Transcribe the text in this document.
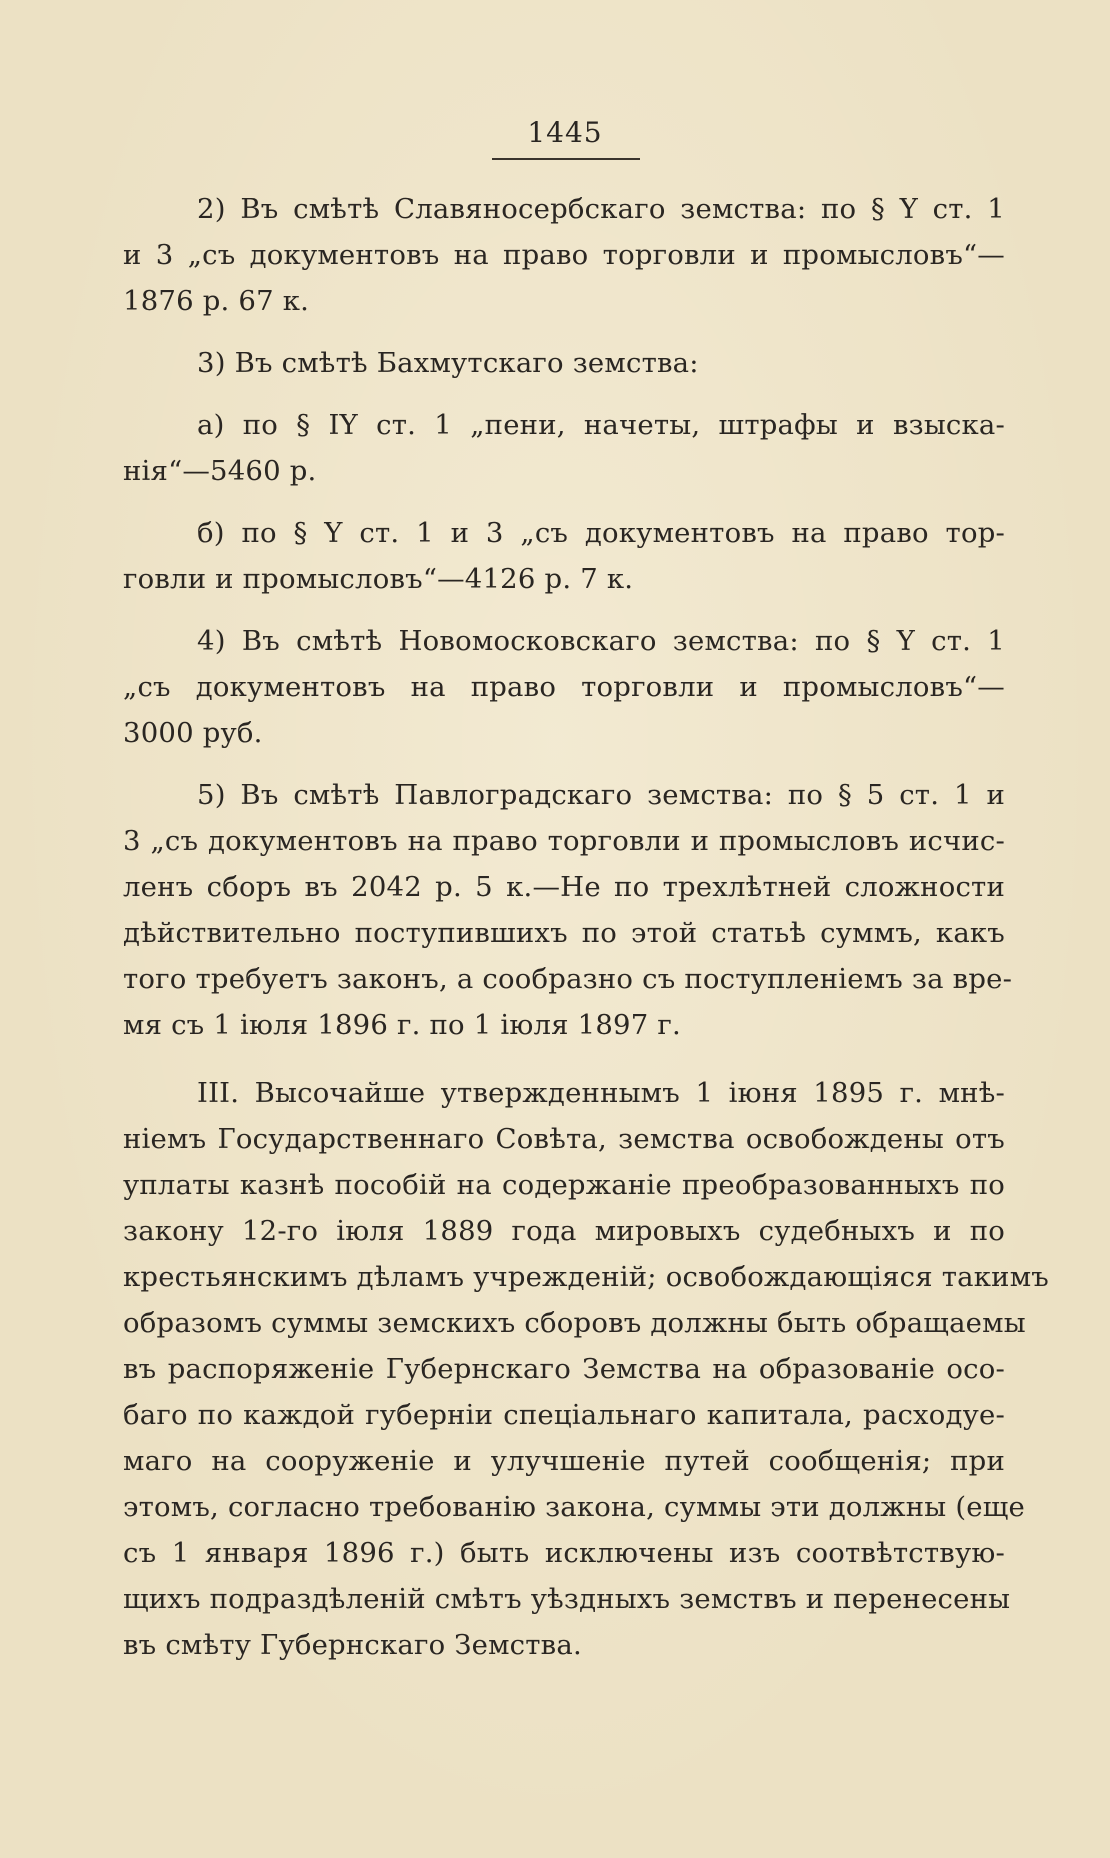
1445
2) Въ смѣтѣ Славяносербскаго земства: по § Y ст. 1
и 3 „съ документовъ на право торговли и промысловъ“—
1876 р. 67 к.
3) Въ смѣтѣ Бахмутскаго земства:
а) по § IY ст. 1 „пени, начеты, штрафы и взыска-
нія“—5460 р.
б) по § Y ст. 1 и 3 „съ документовъ на право тор-
говли и промысловъ“—4126 р. 7 к.
4) Въ смѣтѣ Новомосковскаго земства: по § Y ст. 1
„съ документовъ на право торговли и промысловъ“—
3000 руб.
5) Въ смѣтѣ Павлоградскаго земства: по § 5 ст. 1 и
3 „съ документовъ на право торговли и промысловъ исчис-
ленъ сборъ въ 2042 р. 5 к.—Не по трехлѣтней сложности
дѣйствительно поступившихъ по этой статьѣ суммъ, какъ
того требуетъ законъ, а сообразно съ поступленіемъ за вре-
мя съ 1 іюля 1896 г. по 1 іюля 1897 г.
III. Высочайше утвержденнымъ 1 іюня 1895 г. мнѣ-
ніемъ Государственнаго Совѣта, земства освобождены отъ
уплаты казнѣ пособій на содержаніе преобразованныхъ по
закону 12-го іюля 1889 года мировыхъ судебныхъ и по
крестьянскимъ дѣламъ учрежденій; освобождающіяся такимъ
образомъ суммы земскихъ сборовъ должны быть обращаемы
въ распоряженіе Губернскаго Земства на образованіе осо-
баго по каждой губерніи спеціальнаго капитала, расходуе-
маго на сооруженіе и улучшеніе путей сообщенія; при
этомъ, согласно требованію закона, суммы эти должны (еще
съ 1 января 1896 г.) быть исключены изъ соотвѣтствую-
щихъ подраздѣленій смѣтъ уѣздныхъ земствъ и перенесены
въ смѣту Губернскаго Земства.
